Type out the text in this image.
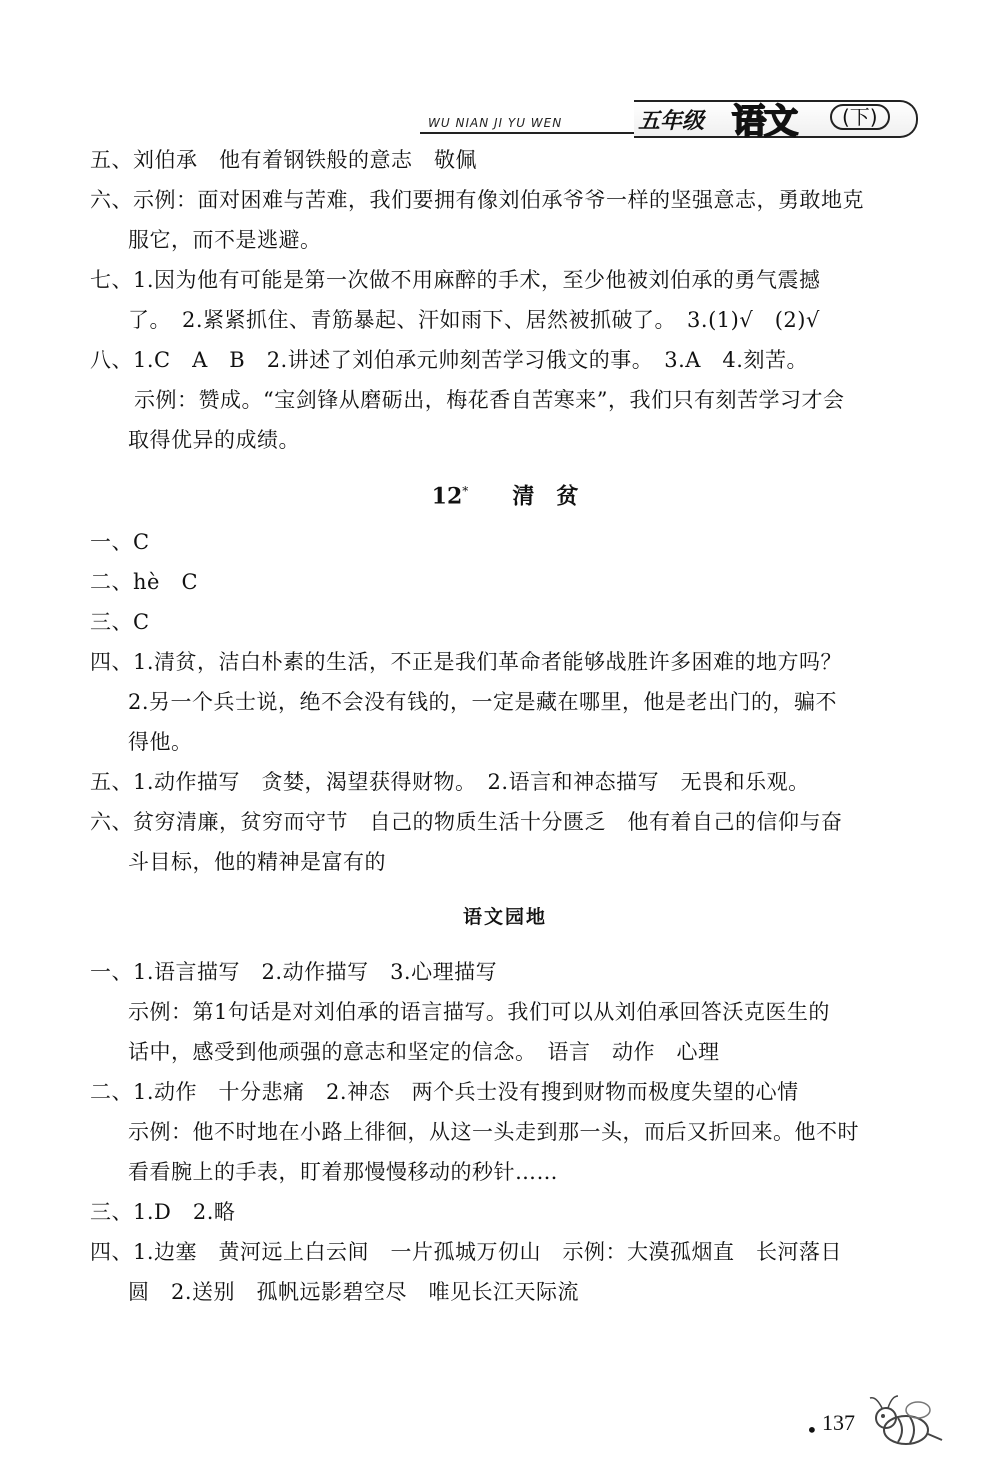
WU NIAN JI YU WEN	五年级 语文	(下)
五、刘伯承　他有着钢铁般的意志　敬佩
六、示例：面对困难与苦难，我们要拥有像刘伯承爷爷一样的坚强意志，勇敢地克
服它，而不是逃避。
七、1.因为他有可能是第一次做不用麻醉的手术，至少他被刘伯承的勇气震撼
了。　2.紧紧抓住、青筋暴起、汗如雨下、居然被抓破了。　3.(1)√　(2)√
八、1.C　A　B　2.讲述了刘伯承元帅刻苦学习俄文的事。　3.A　4.刻苦。
示例：赞成。“宝剑锋从磨砺出，梅花香自苦寒来”，我们只有刻苦学习才会
取得优异的成绩。
12*　　 清　贫
一、C
二、hè　C
三、C
四、1.清贫，洁白朴素的生活，不正是我们革命者能够战胜许多困难的地方吗？
2.另一个兵士说，绝不会没有钱的，一定是藏在哪里，他是老出门的，骗不
得他。
五、1.动作描写　贪婪，渴望获得财物。　2.语言和神态描写　无畏和乐观。
六、贫穷清廉，贫穷而守节　自己的物质生活十分匮乏　他有着自己的信仰与奋
斗目标，他的精神是富有的
语文园地
一、1.语言描写　2.动作描写　3.心理描写
示例：第1句话是对刘伯承的语言描写。我们可以从刘伯承回答沃克医生的
话中，感受到他顽强的意志和坚定的信念。　语言　动作　心理
二、1.动作　十分悲痛　2.神态　两个兵士没有搜到财物而极度失望的心情
示例：他不时地在小路上徘徊，从这一头走到那一头，而后又折回来。他不时
看看腕上的手表，盯着那慢慢移动的秒针……
三、1.D　2.略
四、1.边塞　黄河远上白云间　一片孤城万仞山　示例：大漠孤烟直　长河落日
圆　2.送别　孤帆远影碧空尽　唯见长江天际流
• 137
